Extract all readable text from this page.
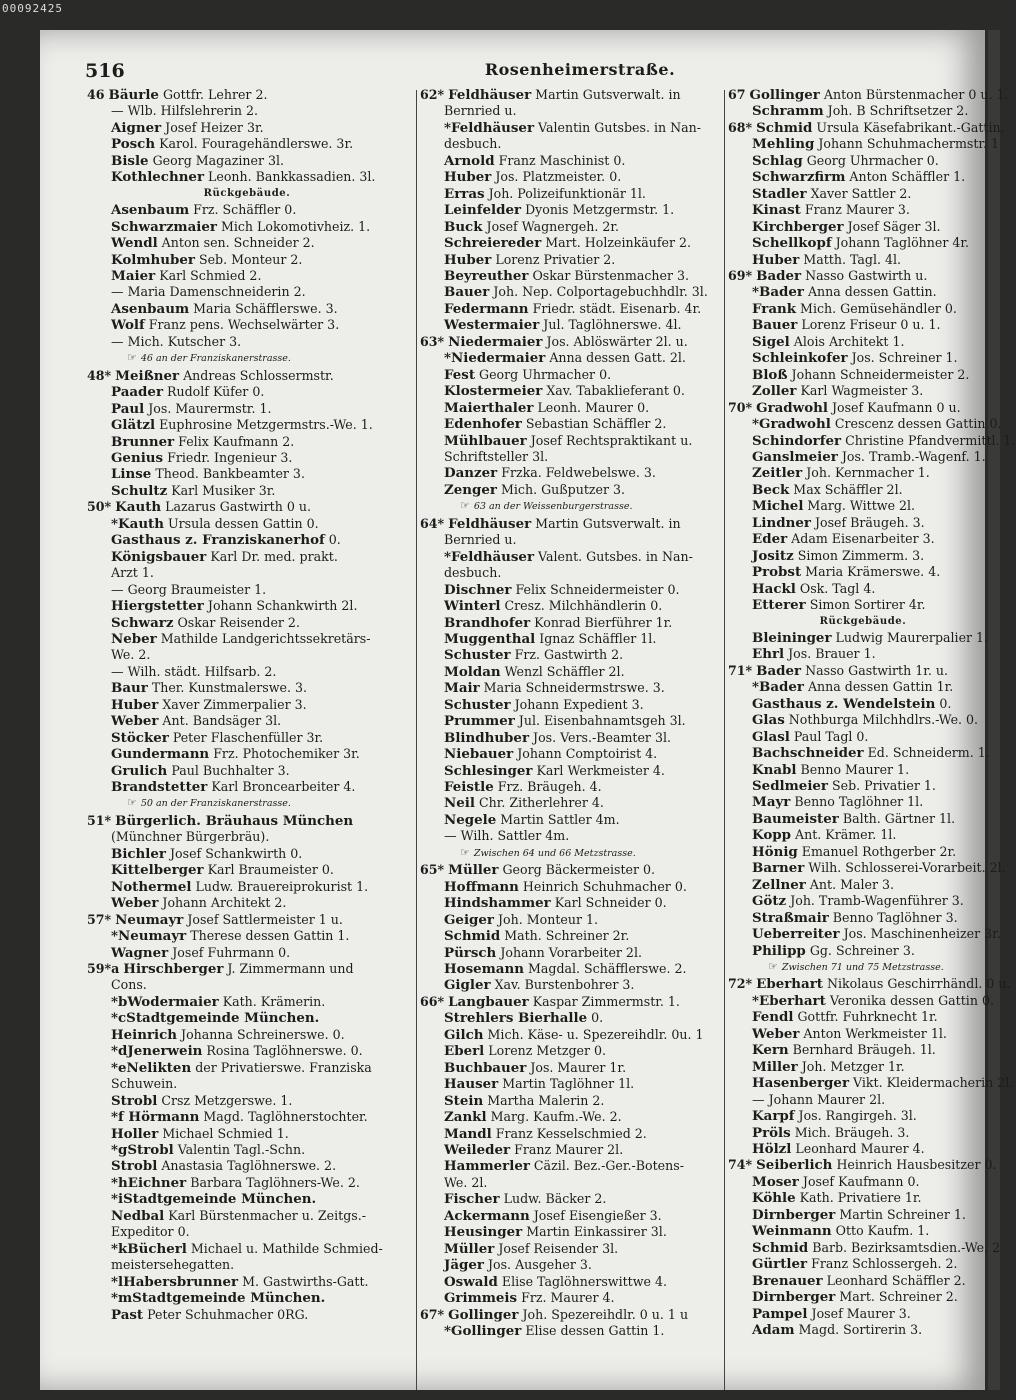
00092425
516	Rosenheimerstraße.
46 Bäurle Gottfr. Lehrer 2.
— Wlb. Hilfslehrerin 2.
Aigner Josef Heizer 3r.
Posch Karol. Fouragehändlerswe. 3r.
Bisle Georg Magaziner 3l.
Kothlechner Leonh. Bankkassadien. 3l.
Rückgebäude.
Asenbaum Frz. Schäffler 0.
Schwarzmaier Mich Lokomotivheiz. 1.
Wendl Anton sen. Schneider 2.
Kolmhuber Seb. Monteur 2.
Maier Karl Schmied 2.
— Maria Damenschneiderin 2.
Asenbaum Maria Schäfflerswe. 3.
Wolf Franz pens. Wechselwärter 3.
— Mich. Kutscher 3.
☞ 46 an der Franziskanerstrasse.
48* Meißner Andreas Schlossermstr.
Paader Rudolf Küfer 0.
Paul Jos. Maurermstr. 1.
Glätzl Euphrosine Metzgermstrs.-We. 1.
Brunner Felix Kaufmann 2.
Genius Friedr. Ingenieur 3.
Linse Theod. Bankbeamter 3.
Schultz Karl Musiker 3r.
50* Kauth Lazarus Gastwirth 0 u.
*Kauth Ursula dessen Gattin 0.
Gasthaus z. Franziskanerhof 0.
Königsbauer Karl Dr. med. prakt.
Arzt 1.
— Georg Braumeister 1.
Hiergstetter Johann Schankwirth 2l.
Schwarz Oskar Reisender 2.
Neber Mathilde Landgerichtssekretärs-
We. 2.
— Wilh. städt. Hilfsarb. 2.
Baur Ther. Kunstmalerswe. 3.
Huber Xaver Zimmerpalier 3.
Weber Ant. Bandsäger 3l.
Stöcker Peter Flaschenfüller 3r.
Gundermann Frz. Photochemiker 3r.
Grulich Paul Buchhalter 3.
Brandstetter Karl Broncearbeiter 4.
☞ 50 an der Franziskanerstrasse.
51* Bürgerlich. Bräuhaus München
(Münchner Bürgerbräu).
Bichler Josef Schankwirth 0.
Kittelberger Karl Braumeister 0.
Nothermel Ludw. Brauereiprokurist 1.
Weber Johann Architekt 2.
57* Neumayr Josef Sattlermeister 1 u.
*Neumayr Therese dessen Gattin 1.
Wagner Josef Fuhrmann 0.
59*a Hirschberger J. Zimmermann und
Cons.
*bWodermaier Kath. Krämerin.
*cStadtgemeinde München.
Heinrich Johanna Schreinerswe. 0.
*dJenerwein Rosina Taglöhnerswe. 0.
*eNelikten der Privatierswe. Franziska
Schuwein.
Strobl Crsz Metzgerswe. 1.
*f Hörmann Magd. Taglöhnerstochter.
Holler Michael Schmied 1.
*gStrobl Valentin Tagl.-Schn.
Strobl Anastasia Taglöhnerswe. 2.
*hEichner Barbara Taglöhners-We. 2.
*iStadtgemeinde München.
Nedbal Karl Bürstenmacher u. Zeitgs.-
Expeditor 0.
*kBücherl Michael u. Mathilde Schmied-
meistersehegatten.
*lHabersbrunner M. Gastwirths-Gatt.
*mStadtgemeinde München.
Past Peter Schuhmacher 0RG.
62* Feldhäuser Martin Gutsverwalt. in
Bernried u.
*Feldhäuser Valentin Gutsbes. in Nan-
desbuch.
Arnold Franz Maschinist 0.
Huber Jos. Platzmeister. 0.
Erras Joh. Polizeifunktionär 1l.
Leinfelder Dyonis Metzgermstr. 1.
Buck Josef Wagnergeh. 2r.
Schreiereder Mart. Holzeinkäufer 2.
Huber Lorenz Privatier 2.
Beyreuther Oskar Bürstenmacher 3.
Bauer Joh. Nep. Colportagebuchhdlr. 3l.
Federmann Friedr. städt. Eisenarb. 4r.
Westermaier Jul. Taglöhnerswe. 4l.
63* Niedermaier Jos. Ablöswärter 2l. u.
*Niedermaier Anna dessen Gatt. 2l.
Fest Georg Uhrmacher 0.
Klostermeier Xav. Tabaklieferant 0.
Maierthaler Leonh. Maurer 0.
Edenhofer Sebastian Schäffler 2.
Mühlbauer Josef Rechtspraktikant u.
Schriftsteller 3l.
Danzer Frzka. Feldwebelswe. 3.
Zenger Mich. Gußputzer 3.
☞ 63 an der Weissenburgerstrasse.
64* Feldhäuser Martin Gutsverwalt. in
Bernried u.
*Feldhäuser Valent. Gutsbes. in Nan-
desbuch.
Dischner Felix Schneidermeister 0.
Winterl Cresz. Milchhändlerin 0.
Brandhofer Konrad Bierführer 1r.
Muggenthal Ignaz Schäffler 1l.
Schuster Frz. Gastwirth 2.
Moldan Wenzl Schäffler 2l.
Mair Maria Schneidermstrswe. 3.
Schuster Johann Expedient 3.
Prummer Jul. Eisenbahnamtsgeh 3l.
Blindhuber Jos. Vers.-Beamter 3l.
Niebauer Johann Comptoirist 4.
Schlesinger Karl Werkmeister 4.
Feistle Frz. Bräugeh. 4.
Neil Chr. Zitherlehrer 4.
Negele Martin Sattler 4m.
— Wilh. Sattler 4m.
☞ Zwischen 64 und 66 Metzstrasse.
65* Müller Georg Bäckermeister 0.
Hoffmann Heinrich Schuhmacher 0.
Hindshammer Karl Schneider 0.
Geiger Joh. Monteur 1.
Schmid Math. Schreiner 2r.
Pürsch Johann Vorarbeiter 2l.
Hosemann Magdal. Schäfflerswe. 2.
Gigler Xav. Burstenbohrer 3.
66* Langbauer Kaspar Zimmermstr. 1.
Strehlers Bierhalle 0.
Gilch Mich. Käse- u. Spezereihdlr. 0u. 1
Eberl Lorenz Metzger 0.
Buchbauer Jos. Maurer 1r.
Hauser Martin Taglöhner 1l.
Stein Martha Malerin 2.
Zankl Marg. Kaufm.-We. 2.
Mandl Franz Kesselschmied 2.
Weileder Franz Maurer 2l.
Hammerler Cäzil. Bez.-Ger.-Botens-
We. 2l.
Fischer Ludw. Bäcker 2.
Ackermann Josef Eisengießer 3.
Heusinger Martin Einkassirer 3l.
Müller Josef Reisender 3l.
Jäger Jos. Ausgeher 3.
Oswald Elise Taglöhnerswittwe 4.
Grimmeis Frz. Maurer 4.
67* Gollinger Joh. Spezereihdlr. 0 u. 1 u
*Gollinger Elise dessen Gattin 1.
67 Gollinger Anton Bürstenmacher 0 u. 1.
Schramm Joh. B Schriftsetzer 2.
68* Schmid Ursula Käsefabrikant.-Gattin.
Mehling Johann Schuhmachermstr. 1
Schlag Georg Uhrmacher 0.
Schwarzfirm Anton Schäffler 1.
Stadler Xaver Sattler 2.
Kinast Franz Maurer 3.
Kirchberger Josef Säger 3l.
Schellkopf Johann Taglöhner 4r.
Huber Matth. Tagl. 4l.
69* Bader Nasso Gastwirth u.
*Bader Anna dessen Gattin.
Frank Mich. Gemüsehändler 0.
Bauer Lorenz Friseur 0 u. 1.
Sigel Alois Architekt 1.
Schleinkofer Jos. Schreiner 1.
Bloß Johann Schneidermeister 2.
Zoller Karl Wagmeister 3.
70* Gradwohl Josef Kaufmann 0 u.
*Gradwohl Crescenz dessen Gattin 0.
Schindorfer Christine Pfandvermittl. 1.
Ganslmeier Jos. Tramb.-Wagenf. 1.
Zeitler Joh. Kernmacher 1.
Beck Max Schäffler 2l.
Michel Marg. Wittwe 2l.
Lindner Josef Bräugeh. 3.
Eder Adam Eisenarbeiter 3.
Jositz Simon Zimmerm. 3.
Probst Maria Krämerswe. 4.
Hackl Osk. Tagl 4.
Etterer Simon Sortirer 4r.
Rückgebäude.
Bleininger Ludwig Maurerpalier 1.
Ehrl Jos. Brauer 1.
71* Bader Nasso Gastwirth 1r. u.
*Bader Anna dessen Gattin 1r.
Gasthaus z. Wendelstein 0.
Glas Nothburga Milchhdlrs.-We. 0.
Glasl Paul Tagl 0.
Bachschneider Ed. Schneiderm. 1.
Knabl Benno Maurer 1.
Sedlmeier Seb. Privatier 1.
Mayr Benno Taglöhner 1l.
Baumeister Balth. Gärtner 1l.
Kopp Ant. Krämer. 1l.
Hönig Emanuel Rothgerber 2r.
Barner Wilh. Schlosserei-Vorarbeit. 2l.
Zellner Ant. Maler 3.
Götz Joh. Tramb-Wagenführer 3.
Straßmair Benno Taglöhner 3.
Ueberreiter Jos. Maschinenheizer 3r.
Philipp Gg. Schreiner 3.
☞ Zwischen 71 und 75 Metzstrasse.
72* Eberhart Nikolaus Geschirrhändl. 0 u.
*Eberhart Veronika dessen Gattin 0.
Fendl Gottfr. Fuhrknecht 1r.
Weber Anton Werkmeister 1l.
Kern Bernhard Bräugeh. 1l.
Miller Joh. Metzger 1r.
Hasenberger Vikt. Kleidermacherin 2l.
— Johann Maurer 2l.
Karpf Jos. Rangirgeh. 3l.
Pröls Mich. Bräugeh. 3.
Hölzl Leonhard Maurer 4.
74* Seiberlich Heinrich Hausbesitzer 0.
Moser Josef Kaufmann 0.
Köhle Kath. Privatiere 1r.
Dirnberger Martin Schreiner 1.
Weinmann Otto Kaufm. 1.
Schmid Barb. Bezirksamtsdien.-We. 2
Gürtler Franz Schlossergeh. 2.
Brenauer Leonhard Schäffler 2.
Dirnberger Mart. Schreiner 2.
Pampel Josef Maurer 3.
Adam Magd. Sortirerin 3.
